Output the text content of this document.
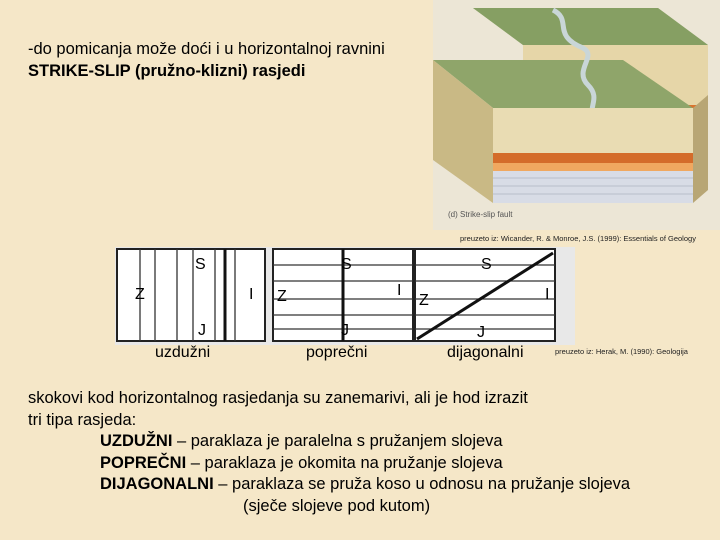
-do pomicanja može doći i u horizontalnoj ravnini
STRIKE-SLIP (pružno-klizni) rasjedi
(d) Strike-slip fault
preuzeto iz: Wicander, R. & Monroe, J.S. (1999): Essentials of Geology
S
Z	I
J
S
Z	I
J
S
Z	I
J
uzdužni	poprečni	dijagonalni	preuzeto iz: Herak, M. (1990): Geologija

skokovi kod horizontalnog rasjedanja su zanemarivi, ali je hod izrazit

tri tipa rasjeda:

UZDUŽNI – paraklaza je paralelna s pružanjem slojeva

POPREČNI – paraklaza je okomita na pružanje slojeva

DIJAGONALNI – paraklaza se pruža koso u odnosu na pružanje slojeva

(sječe slojeve pod kutom)
